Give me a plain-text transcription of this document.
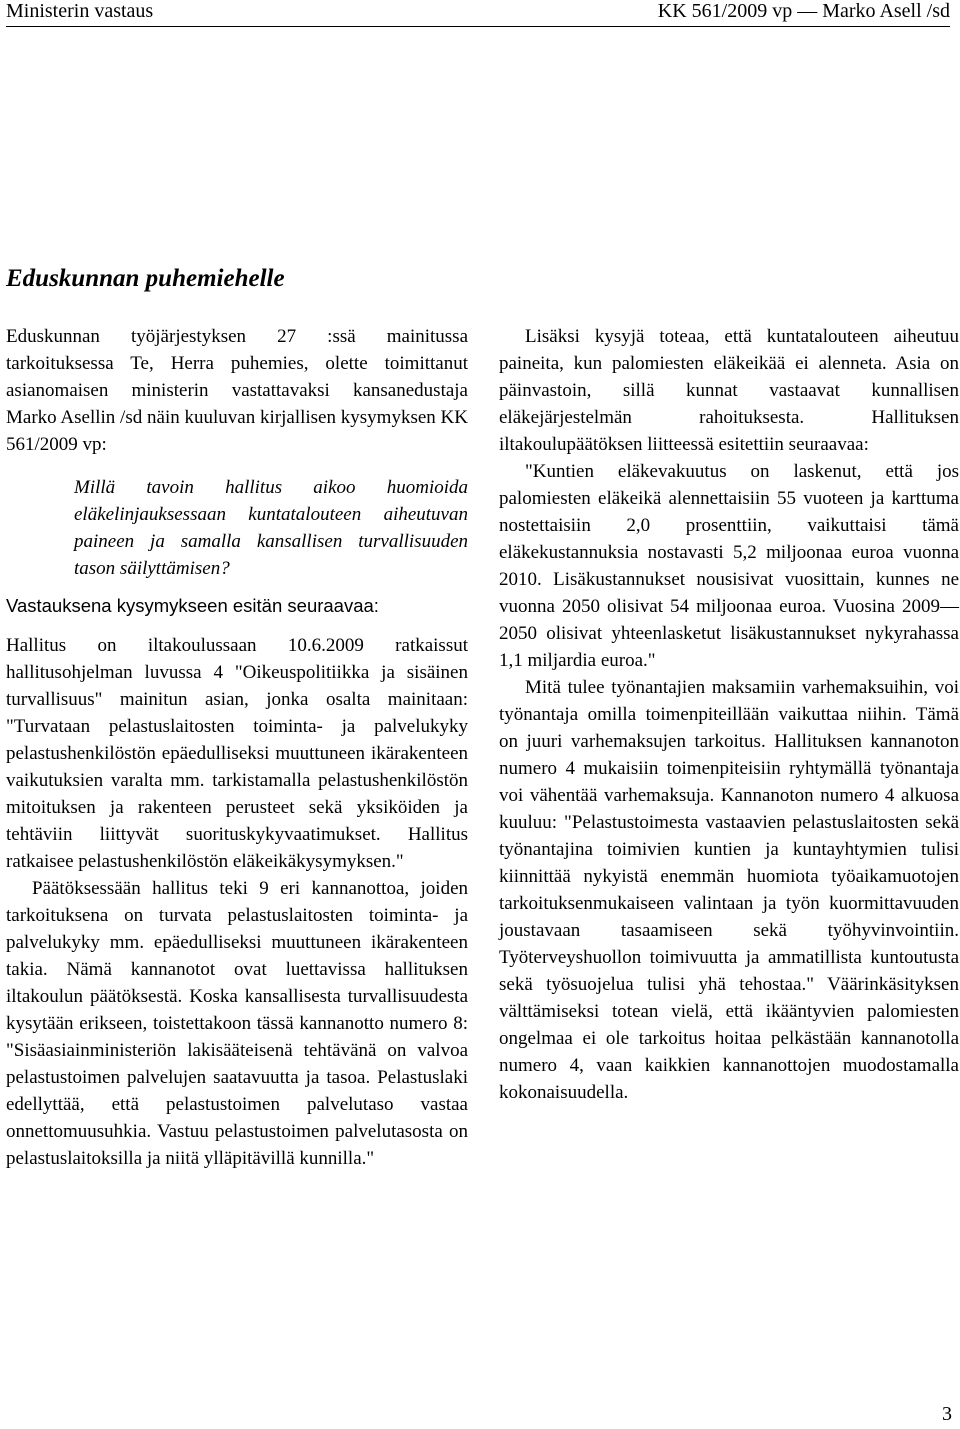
Ministerin vastaus	KK 561/2009 vp — Marko Asell /sd
Eduskunnan puhemiehelle

Eduskunnan työjärjestyksen 27 :ssä mainitussa tarkoituksessa Te, Herra puhemies, olette toimittanut asianomaisen ministerin vastattavaksi kansanedustaja Marko Asellin /sd näin kuuluvan kirjallisen kysymyksen KK 561/2009 vp:

Millä tavoin hallitus aikoo huomioida eläkelinjauksessaan kuntatalouteen aiheutuvan paineen ja samalla kansallisen turvallisuuden tason säilyttämisen?

Vastauksena kysymykseen esitän seuraavaa:

Hallitus on iltakoulussaan 10.6.2009 ratkaissut hallitusohjelman luvussa 4 "Oikeuspolitiikka ja sisäinen turvallisuus" mainitun asian, jonka osalta mainitaan: "Turvataan pelastuslaitosten toiminta- ja palvelukyky pelastushenkilöstön epäedulliseksi muuttuneen ikärakenteen vaikutuksien varalta mm. tarkistamalla pelastushenkilöstön mitoituksen ja rakenteen perusteet sekä yksiköiden ja tehtäviin liittyvät suorituskykyvaatimukset. Hallitus ratkaisee pelastushenkilöstön eläkeikäkysymyksen."

Päätöksessään hallitus teki 9 eri kannanottoa, joiden tarkoituksena on turvata pelastuslaitosten toiminta- ja palvelukyky mm. epäedulliseksi muuttuneen ikärakenteen takia. Nämä kannanotot ovat luettavissa hallituksen iltakoulun päätöksestä. Koska kansallisesta turvallisuudesta kysytään erikseen, toistettakoon tässä kannanotto numero 8: "Sisäasiainministeriön lakisääteisenä tehtävänä on valvoa pelastustoimen palvelujen saatavuutta ja tasoa. Pelastuslaki edellyttää, että pelastustoimen palvelutaso vastaa onnettomuusuhkia. Vastuu pelastustoimen palvelutasosta on pelastuslaitoksilla ja niitä ylläpitävillä kunnilla."

Lisäksi kysyjä toteaa, että kuntatalouteen aiheutuu paineita, kun palomiesten eläkeikää ei alenneta. Asia on päinvastoin, sillä kunnat vastaavat kunnallisen eläkejärjestelmän rahoituksesta. Hallituksen iltakoulupäätöksen liitteessä esitettiin seuraavaa:

"Kuntien eläkevakuutus on laskenut, että jos palomiesten eläkeikä alennettaisiin 55 vuoteen ja karttuma nostettaisiin 2,0 prosenttiin, vaikuttaisi tämä eläkekustannuksia nostavasti 5,2 miljoonaa euroa vuonna 2010. Lisäkustannukset nousisivat vuosittain, kunnes ne vuonna 2050 olisivat 54 miljoonaa euroa. Vuosina 2009—2050 olisivat yhteenlasketut lisäkustannukset nykyrahassa 1,1 miljardia euroa."

Mitä tulee työnantajien maksamiin varhemaksuihin, voi työnantaja omilla toimenpiteillään vaikuttaa niihin. Tämä on juuri varhemaksujen tarkoitus. Hallituksen kannanoton numero 4 mukaisiin toimenpiteisiin ryhtymällä työnantaja voi vähentää varhemaksuja. Kannanoton numero 4 alkuosa kuuluu: "Pelastustoimesta vastaavien pelastuslaitosten sekä työnantajina toimivien kuntien ja kuntayhtymien tulisi kiinnittää nykyistä enemmän huomiota työaikamuotojen tarkoituksenmukaiseen valintaan ja työn kuormittavuuden joustavaan tasaamiseen sekä työhyvinvointiin. Työterveyshuollon toimivuutta ja ammatillista kuntoutusta sekä työsuojelua tulisi yhä tehostaa." Väärinkäsityksen välttämiseksi totean vielä, että ikääntyvien palomiesten ongelmaa ei ole tarkoitus hoitaa pelkästään kannanotolla numero 4, vaan kaikkien kannanottojen muodostamalla kokonaisuudella.

3
